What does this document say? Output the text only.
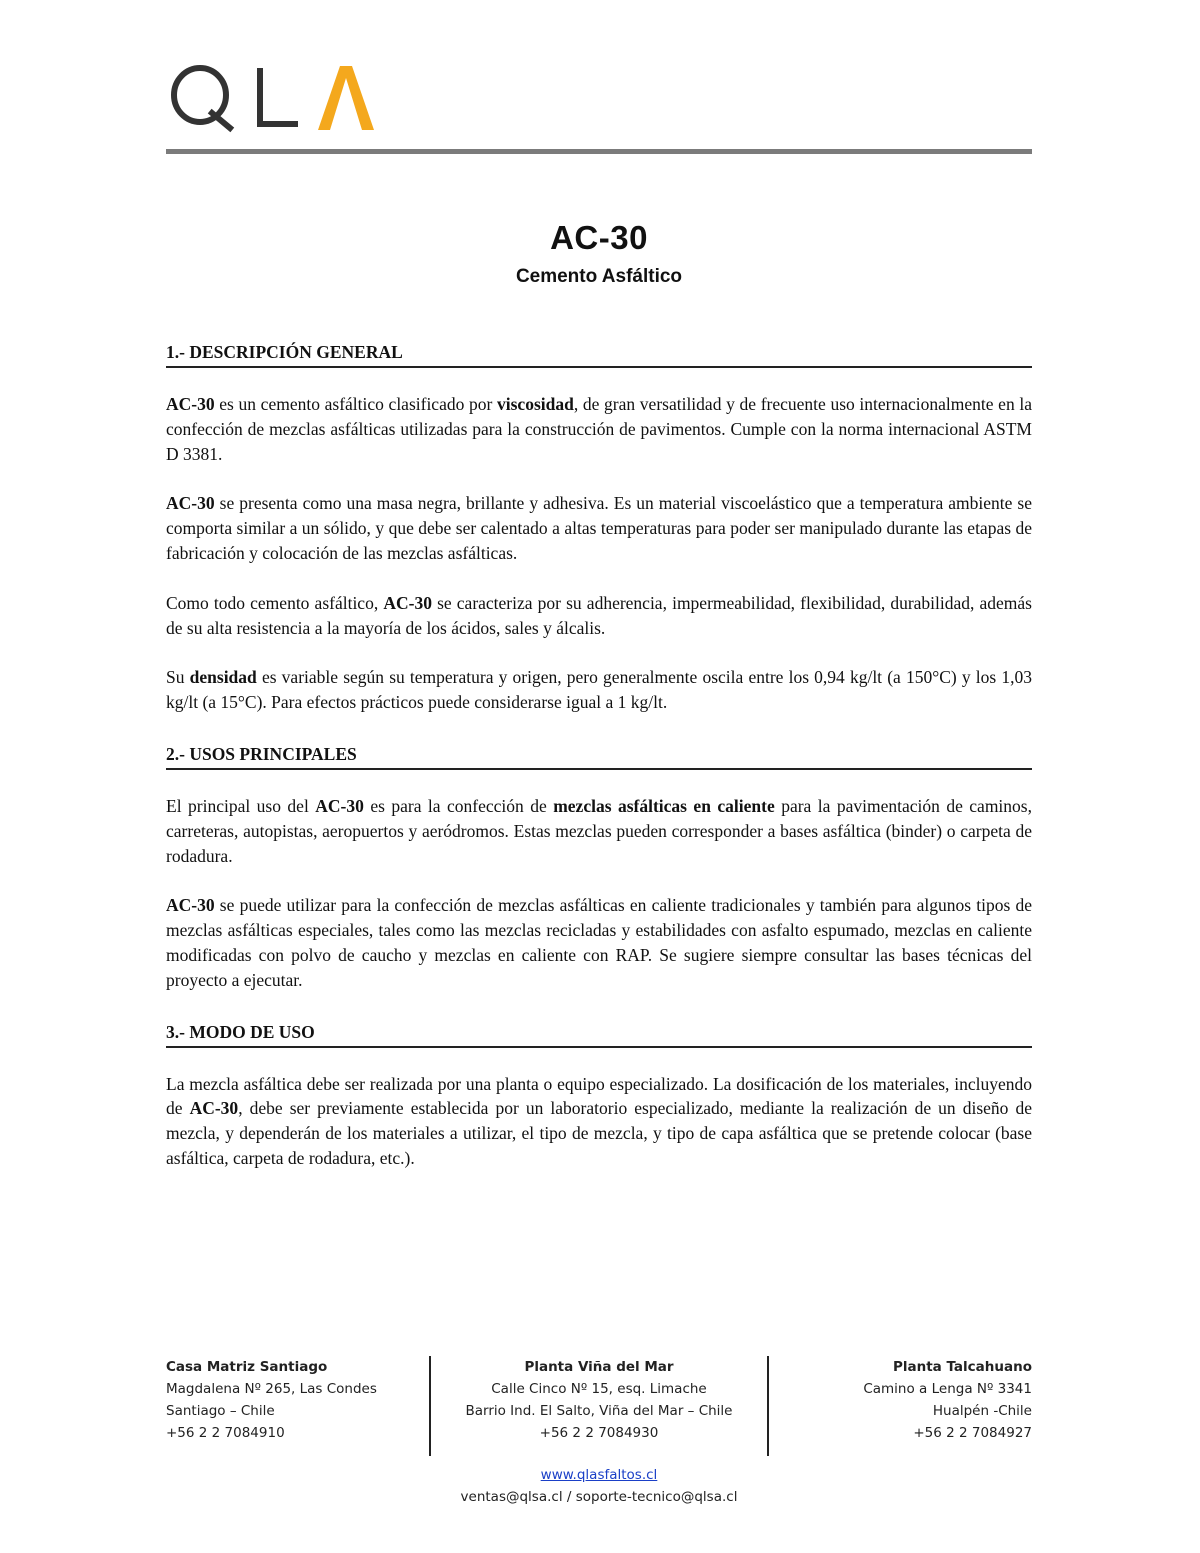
AC-30
Cemento Asfáltico
1.- DESCRIPCIÓN GENERAL

AC-30 es un cemento asfáltico clasificado por viscosidad, de gran versatilidad y de frecuente uso internacionalmente en la confección de mezclas asfálticas utilizadas para la construcción de pavimentos. Cumple con la norma internacional ASTM D 3381.

AC-30 se presenta como una masa negra, brillante y adhesiva. Es un material viscoelástico que a temperatura ambiente se comporta similar a un sólido, y que debe ser calentado a altas temperaturas para poder ser manipulado durante las etapas de fabricación y colocación de las mezclas asfálticas.

Como todo cemento asfáltico, AC-30 se caracteriza por su adherencia, impermeabilidad, flexibilidad, durabilidad, además de su alta resistencia a la mayoría de los ácidos, sales y álcalis.

Su densidad es variable según su temperatura y origen, pero generalmente oscila entre los 0,94 kg/lt (a 150°C) y los 1,03 kg/lt (a 15°C). Para efectos prácticos puede considerarse igual a 1 kg/lt.

2.- USOS PRINCIPALES

El principal uso del AC-30 es para la confección de mezclas asfálticas en caliente para la pavimentación de caminos, carreteras, autopistas, aeropuertos y aeródromos. Estas mezclas pueden corresponder a bases asfáltica (binder) o carpeta de rodadura.

AC-30 se puede utilizar para la confección de mezclas asfálticas en caliente tradicionales y también para algunos tipos de mezclas asfálticas especiales, tales como las mezclas recicladas y estabilidades con asfalto espumado, mezclas en caliente modificadas con polvo de caucho y mezclas en caliente con RAP. Se sugiere siempre consultar las bases técnicas del proyecto a ejecutar.

3.- MODO DE USO

La mezcla asfáltica debe ser realizada por una planta o equipo especializado. La dosificación de los materiales, incluyendo de AC-30, debe ser previamente establecida por un laboratorio especializado, mediante la realización de un diseño de mezcla, y dependerán de los materiales a utilizar, el tipo de mezcla, y tipo de capa asfáltica que se pretende colocar (base asfáltica, carpeta de rodadura, etc.).

Casa Matriz Santiago
Magdalena Nº 265, Las Condes
Santiago – Chile
+56 2 2 7084910
Planta Viña del Mar
Calle Cinco Nº 15, esq. Limache
Barrio Ind. El Salto, Viña del Mar – Chile
+56 2 2 7084930
Planta Talcahuano
Camino a Lenga Nº 3341
Hualpén -Chile
+56 2 2 7084927
www.qlasfaltos.cl
ventas@qlsa.cl / soporte-tecnico@qlsa.cl
